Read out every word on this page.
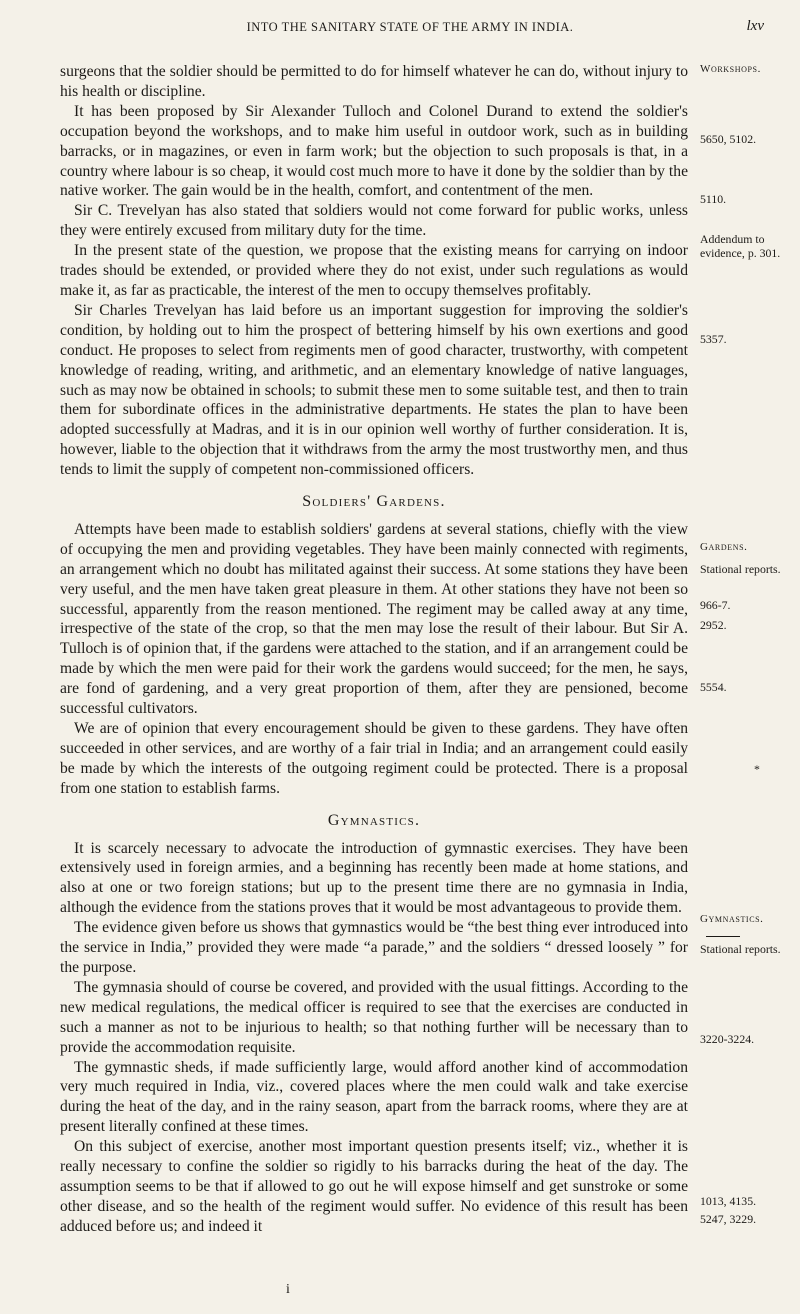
INTO THE SANITARY STATE OF THE ARMY IN INDIA.	lxv

surgeons that the soldier should be permitted to do for himself whatever he can do, without injury to his health or discipline.

It has been proposed by Sir Alexander Tulloch and Colonel Durand to extend the soldier's occupation beyond the workshops, and to make him useful in outdoor work, such as in building barracks, or in magazines, or even in farm work; but the objection to such proposals is that, in a country where labour is so cheap, it would cost much more to have it done by the soldier than by the native worker. The gain would be in the health, comfort, and contentment of the men.

Sir C. Trevelyan has also stated that soldiers would not come forward for public works, unless they were entirely excused from military duty for the time.

In the present state of the question, we propose that the existing means for carrying on indoor trades should be extended, or provided where they do not exist, under such regulations as would make it, as far as practicable, the interest of the men to occupy themselves profitably.

Sir Charles Trevelyan has laid before us an important suggestion for improving the soldier's condition, by holding out to him the prospect of bettering himself by his own exertions and good conduct. He proposes to select from regiments men of good character, trustworthy, with competent knowledge of reading, writing, and arithmetic, and an elementary knowledge of native languages, such as may now be obtained in schools; to submit these men to some suitable test, and then to train them for subordinate offices in the administrative departments. He states the plan to have been adopted successfully at Madras, and it is in our opinion well worthy of further consideration. It is, however, liable to the objection that it withdraws from the army the most trustworthy men, and thus tends to limit the supply of competent non-commissioned officers.

Soldiers' Gardens.

Attempts have been made to establish soldiers' gardens at several stations, chiefly with the view of occupying the men and providing vegetables. They have been mainly connected with regiments, an arrangement which no doubt has militated against their success. At some stations they have been very useful, and the men have taken great pleasure in them. At other stations they have not been so successful, apparently from the reason mentioned. The regiment may be called away at any time, irrespective of the state of the crop, so that the men may lose the result of their labour. But Sir A. Tulloch is of opinion that, if the gardens were attached to the station, and if an arrangement could be made by which the men were paid for their work the gardens would succeed; for the men, he says, are fond of gardening, and a very great proportion of them, after they are pensioned, become successful cultivators.

We are of opinion that every encouragement should be given to these gardens. They have often succeeded in other services, and are worthy of a fair trial in India; and an arrangement could easily be made by which the interests of the outgoing regiment could be protected. There is a proposal from one station to establish farms.

Gymnastics.

It is scarcely necessary to advocate the introduction of gymnastic exercises. They have been extensively used in foreign armies, and a beginning has recently been made at home stations, and also at one or two foreign stations; but up to the present time there are no gymnasia in India, although the evidence from the stations proves that it would be most advantageous to provide them.

The evidence given before us shows that gymnastics would be “the best thing ever introduced into the service in India,” provided they were made “a parade,” and the soldiers “ dressed loosely ” for the purpose.

The gymnasia should of course be covered, and provided with the usual fittings. According to the new medical regulations, the medical officer is required to see that the exercises are conducted in such a manner as not to be injurious to health; so that nothing further will be necessary than to provide the accommodation requisite.

The gymnastic sheds, if made sufficiently large, would afford another kind of accommodation very much required in India, viz., covered places where the men could walk and take exercise during the heat of the day, and in the rainy season, apart from the barrack rooms, where they are at present literally confined at these times.

On this subject of exercise, another most important question presents itself; viz., whether it is really necessary to confine the soldier so rigidly to his barracks during the heat of the day. The assumption seems to be that if allowed to go out he will expose himself and get sunstroke or some other disease, and so the health of the regiment would suffer. No evidence of this result has been adduced before us; and indeed it

Workshops.
5650, 5102.
5110.
Addendum to evidence, p. 301.
5357.
Gardens.
Stational reports.
966-7.
2952.
5554.
*
Gymnastics.
Stational reports.
3220-3224.
1013, 4135.
5247, 3229.
i
